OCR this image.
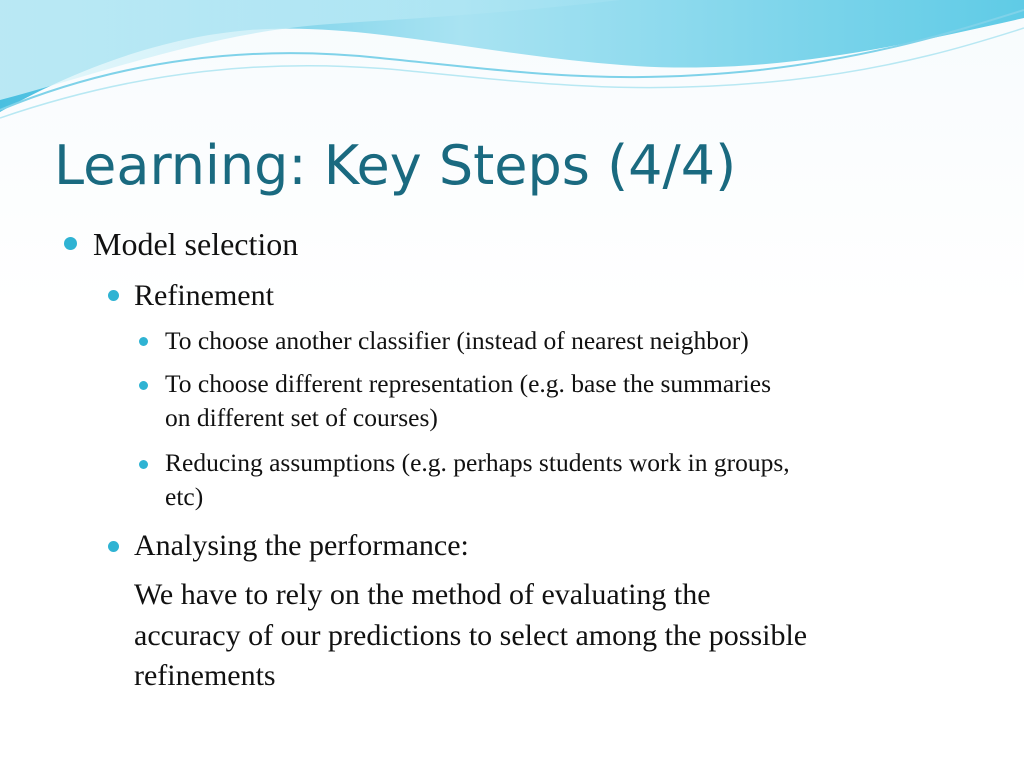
Learning: Key Steps (4/4)
Model selection
Refinement
To choose another classifier (instead of nearest neighbor)
To choose different representation (e.g. base the summaries
on different set of courses)
Reducing assumptions (e.g. perhaps students work in groups,
etc)
Analysing the performance:
We have to rely on the method of evaluating the
accuracy of our predictions to select among the possible
refinements
